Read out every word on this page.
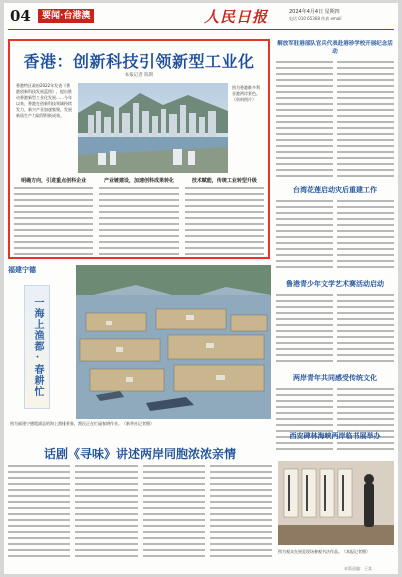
04	要闻·台港澳	人民日报	2024年4月4日 星期四
电话 010 65368 传真 email
香港：创新科技引领新型工业化
本报记者 陈斯
香港特区政府2022年发表《香港创新科技发展蓝图》，提出推动香港新型工业化发展……今年以来，香港在创新科技领域持续发力，新兴产业加速集聚，发展新质生产力取得积极成效。
图为香港维多利亚港两岸景色。（资料图片）
明确方向，引进重点创科企业	产业链建设，加速创科成果转化	技术赋能，传统工业转型升级
解放军驻港部队官兵代表赴港珍学校开展纪念活动
台湾花莲启动灾后重建工作
鲁港青少年文学艺术赛活动启动
两岸青年共同感受传统文化
西安碑林海峡两岸临书展举办
福建宁德
一海上渔都·春耕忙
图为福建宁德霞浦县的海上渔排景象，渔民正在忙碌春耕作业。（新华社记者摄）
话剧《寻味》讲述两岸同胞浓浓亲情
图为观众在展览现场参观书法作品。（本报记者摄）
本版责编：王某
